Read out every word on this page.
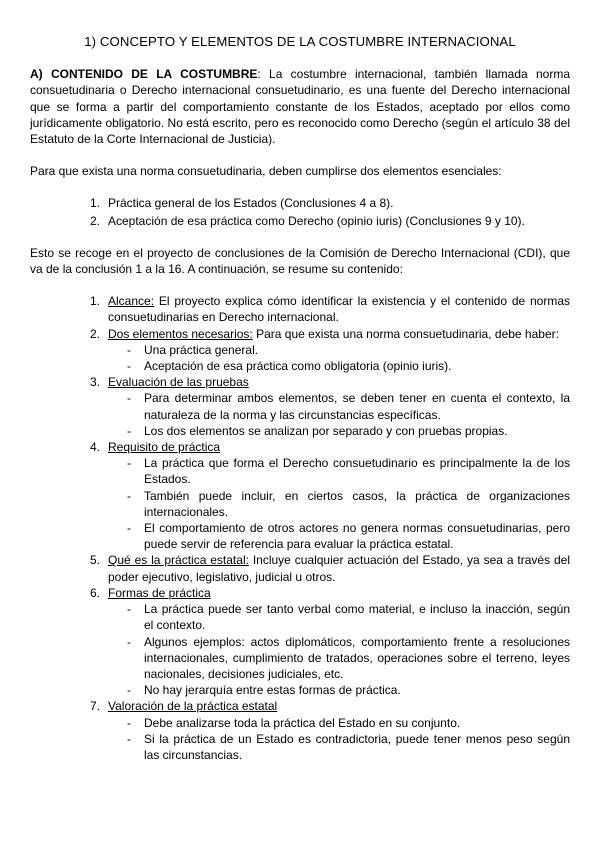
1) CONCEPTO Y ELEMENTOS DE LA COSTUMBRE INTERNACIONAL
A) CONTENIDO DE LA COSTUMBRE: La costumbre internacional, también llamada norma consuetudinaria o Derecho internacional consuetudinario, es una fuente del Derecho internacional que se forma a partir del comportamiento constante de los Estados, aceptado por ellos como jurídicamente obligatorio. No está escrito, pero es reconocido como Derecho (según el artículo 38 del Estatuto de la Corte Internacional de Justicia).

Para que exista una norma consuetudinaria, deben cumplirse dos elementos esenciales:

1. Práctica general de los Estados (Conclusiones 4 a 8).
2. Aceptación de esa práctica como Derecho (opinio iuris) (Conclusiones 9 y 10).

Esto se recoge en el proyecto de conclusiones de la Comisión de Derecho Internacional (CDI), que va de la conclusión 1 a la 16. A continuación, se resume su contenido:

1. Alcance: El proyecto explica cómo identificar la existencia y el contenido de normas consuetudinarias en Derecho internacional.
2. Dos elementos necesarios: Para que exista una norma consuetudinaria, debe haber:
- Una práctica general.
- Aceptación de esa práctica como obligatoria (opinio iuris).
3. Evaluación de las pruebas
- Para determinar ambos elementos, se deben tener en cuenta el contexto, la naturaleza de la norma y las circunstancias específicas.
- Los dos elementos se analizan por separado y con pruebas propias.
4. Requisito de práctica
- La práctica que forma el Derecho consuetudinario es principalmente la de los Estados.
- También puede incluir, en ciertos casos, la práctica de organizaciones internacionales.
- El comportamiento de otros actores no genera normas consuetudinarias, pero puede servir de referencia para evaluar la práctica estatal.
5. Qué es la práctica estatal: Incluye cualquier actuación del Estado, ya sea a través del poder ejecutivo, legislativo, judicial u otros.
6. Formas de práctica
- La práctica puede ser tanto verbal como material, e incluso la inacción, según el contexto.
- Algunos ejemplos: actos diplomáticos, comportamiento frente a resoluciones internacionales, cumplimiento de tratados, operaciones sobre el terreno, leyes nacionales, decisiones judiciales, etc.
- No hay jerarquía entre estas formas de práctica.
7. Valoración de la práctica estatal
- Debe analizarse toda la práctica del Estado en su conjunto.
- Si la práctica de un Estado es contradictoria, puede tener menos peso según las circunstancias.
